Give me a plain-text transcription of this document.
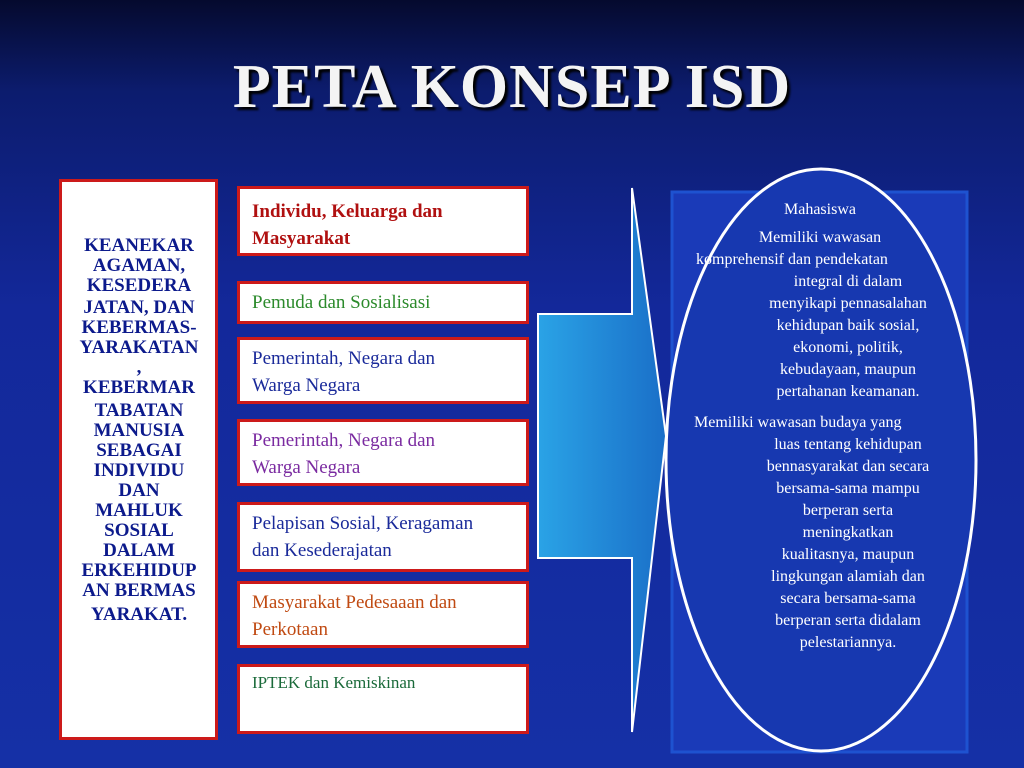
PETA KONSEP ISD
KEANEKAR
AGAMAN,
KESEDERA
JATAN, DAN
KEBERMAS-
YARAKATAN
,
KEBERMAR
TABATAN
MANUSIA
SEBAGAI
INDIVIDU
DAN
MAHLUK
SOSIAL
DALAM
ERKEHIDUP
AN BERMAS
YARAKAT.
Individu, Keluarga dan
Masyarakat
Pemuda dan Sosialisasi
Pemerintah, Negara dan
Warga Negara
Pemerintah, Negara dan
Warga Negara
Pelapisan Sosial, Keragaman
dan Kesederajatan
Masyarakat Pedesaaan dan
Perkotaan
IPTEK dan Kemiskinan
Mahasiswa
Memiliki wawasan
komprehensif dan pendekatan
integral di dalam
menyikapi pennasalahan
kehidupan baik sosial,
ekonomi, politik,
kebudayaan, maupun
pertahanan keamanan.
Memiliki wawasan budaya yang
luas tentang kehidupan
bennasyarakat dan secara
bersama-sama mampu
berperan serta
meningkatkan
kualitasnya, maupun
lingkungan alamiah dan
secara bersama-sama
berperan serta didalam
pelestariannya.
